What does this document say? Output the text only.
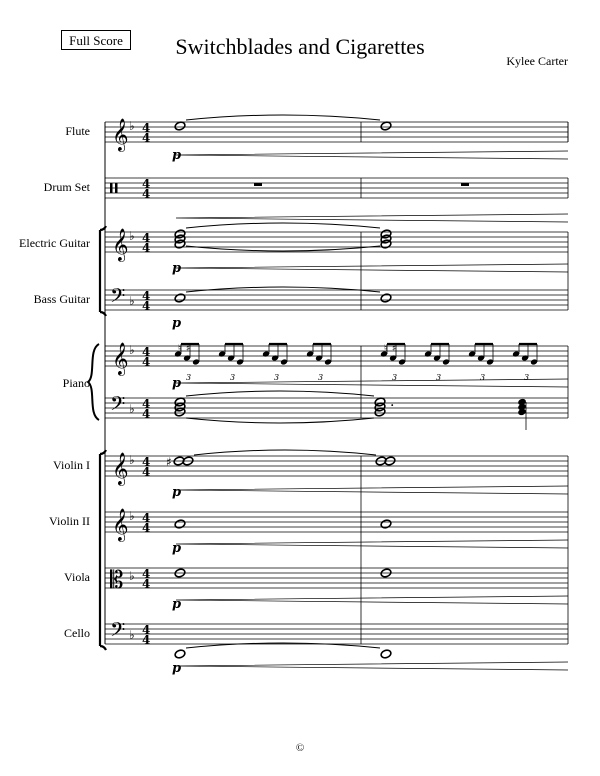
Full Score	Switchblades and Cigarettes
Kylee Carter
Flute
Drum Set
Electric Guitar
Bass Guitar
Piano
Violin I
Violin II
Viola
Cello
𝄞 ♭ 4
4
4
4
𝄞 ♭ 4
4
𝄢 ♭ 4
4
𝄞 ♭ 4
4
𝄢 ♭ 4
4
𝄞 ♭ 4
4
𝄞 ♭ 4
4
𝄡 ♭ 4
4
𝄢 ♭ 4
4
p
p
p
3	3	3	3	3	3	3	3
♮ ♯	♮ ♯
p
·
♯
p
p
p
p
©
